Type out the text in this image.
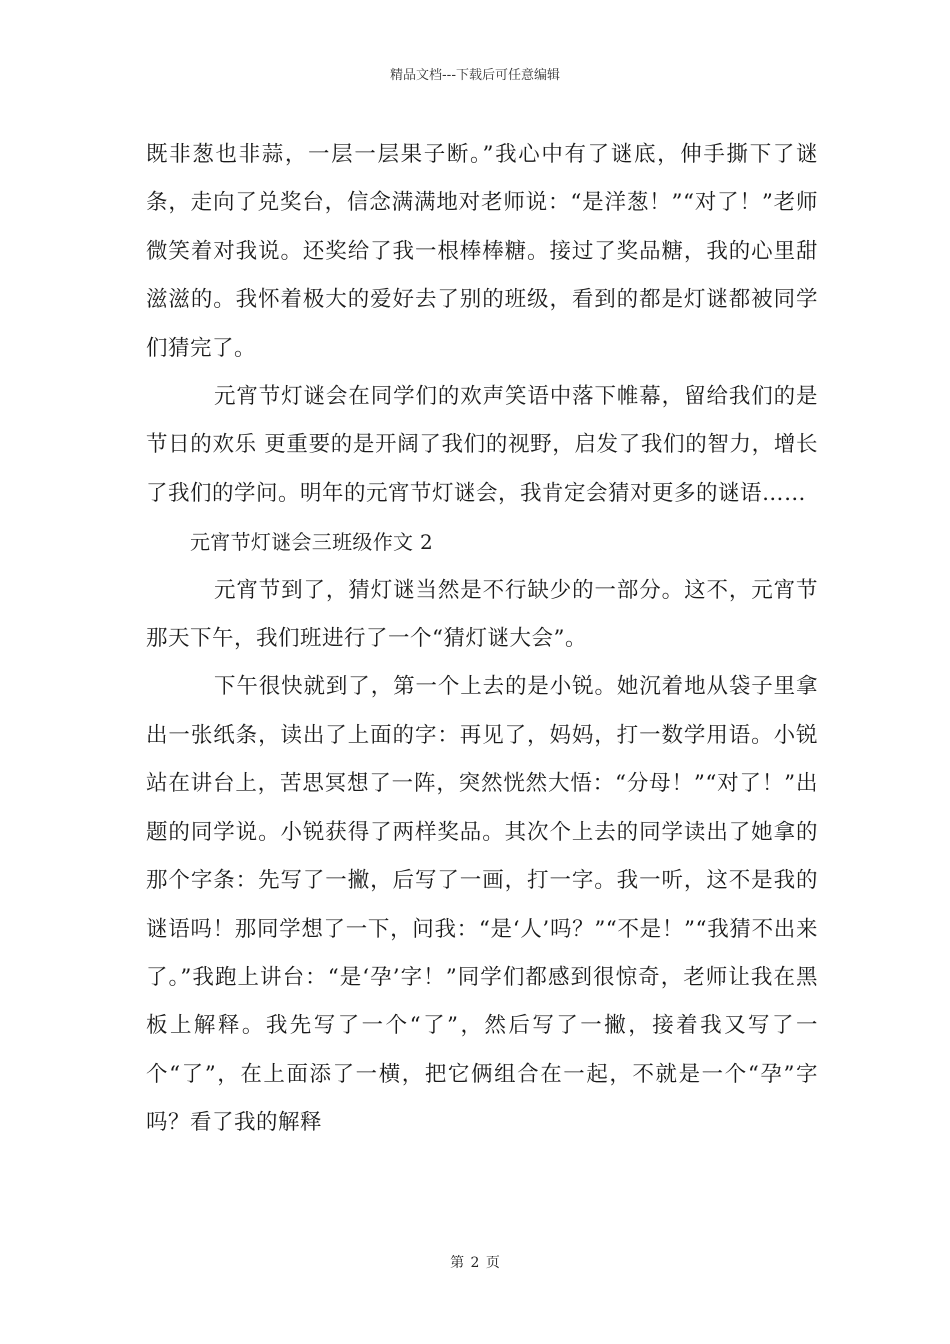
精品文档---下载后可任意编辑

既非葱也非蒜，一层一层果子断。”我心中有了谜底，伸手撕下了谜条，走向了兑奖台，信念满满地对老师说：“是洋葱！”“对了！”老师微笑着对我说。还奖给了我一根棒棒糖。接过了奖品糖，我的心里甜滋滋的。我怀着极大的爱好去了别的班级，看到的都是灯谜都被同学们猜完了。

元宵节灯谜会在同学们的欢声笑语中落下帷幕，留给我们的是节日的欢乐 更重要的是开阔了我们的视野，启发了我们的智力，增长了我们的学问。明年的元宵节灯谜会，我肯定会猜对更多的谜语……

元宵节灯谜会三班级作文 2

元宵节到了，猜灯谜当然是不行缺少的一部分。这不，元宵节那天下午，我们班进行了一个“猜灯谜大会”。

下午很快就到了，第一个上去的是小锐。她沉着地从袋子里拿出一张纸条，读出了上面的字：再见了，妈妈，打一数学用语。小锐站在讲台上，苦思冥想了一阵，突然恍然大悟：“分母！”“对了！”出题的同学说。小锐获得了两样奖品。其次个上去的同学读出了她拿的那个字条：先写了一撇，后写了一画，打一字。我一听，这不是我的谜语吗！那同学想了一下，问我：“是‘人’吗？”“不是！”“我猜不出来了。”我跑上讲台：“是‘孕’字！”同学们都感到很惊奇，老师让我在黑板上解释。我先写了一个“了”，然后写了一撇，接着我又写了一个“了”，在上面添了一横，把它俩组合在一起，不就是一个“孕”字吗？看了我的解释

第 2 页
